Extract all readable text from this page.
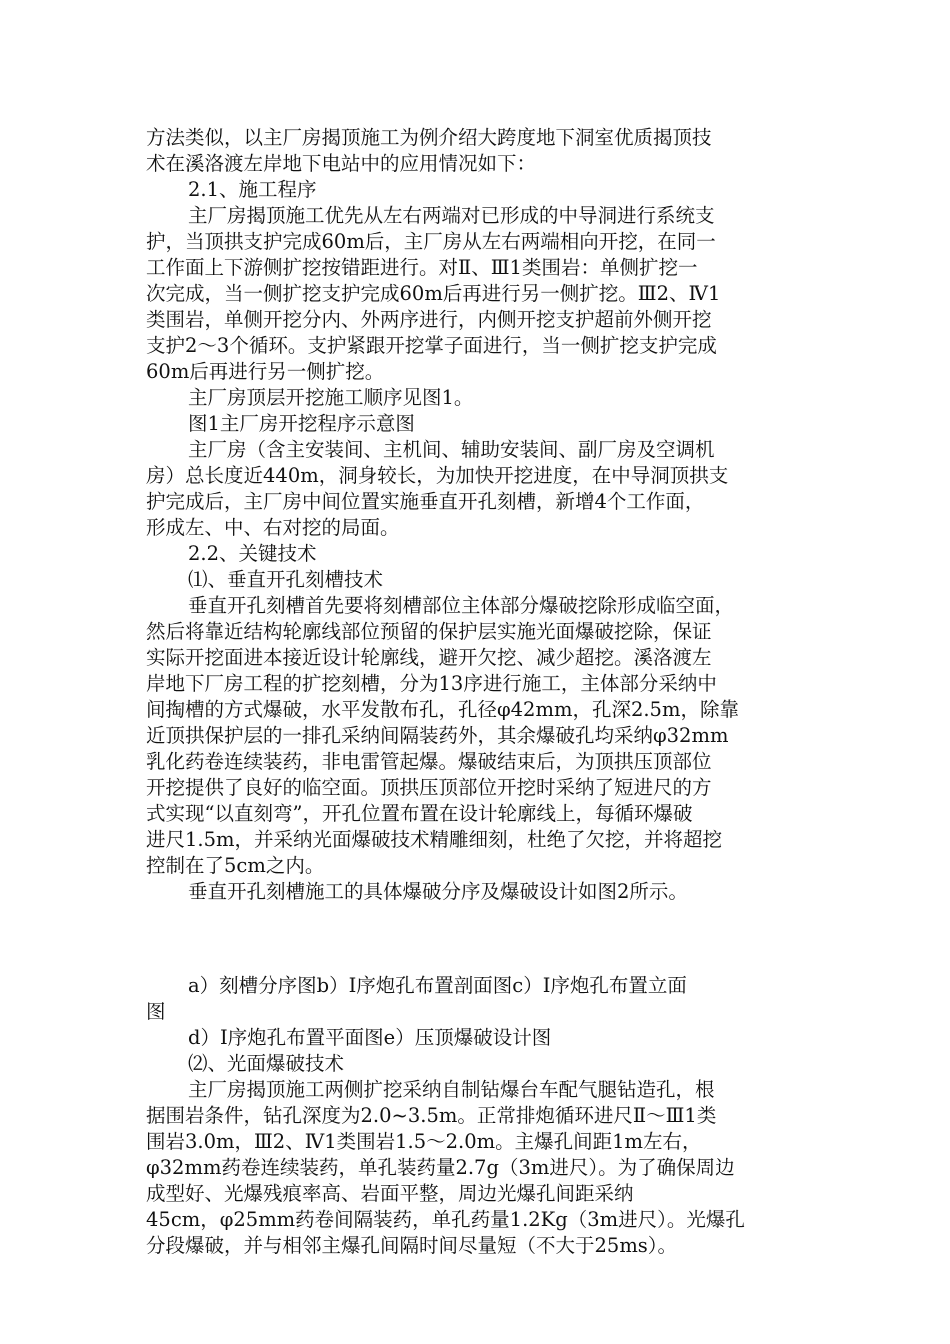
方法类似，以主厂房揭顶施工为例介绍大跨度地下洞室优质揭顶技
术在溪洛渡左岸地下电站中的应用情况如下：
2.1、施工程序
主厂房揭顶施工优先从左右两端对已形成的中导洞进行系统支
护，当顶拱支护完成60m后，主厂房从左右两端相向开挖，在同一
工作面上下游侧扩挖按错距进行。对Ⅱ、Ⅲ1类围岩：单侧扩挖一
次完成，当一侧扩挖支护完成60m后再进行另一侧扩挖。Ⅲ2、Ⅳ1
类围岩，单侧开挖分内、外两序进行，内侧开挖支护超前外侧开挖
支护2～3个循环。支护紧跟开挖掌子面进行，当一侧扩挖支护完成
60m后再进行另一侧扩挖。
主厂房顶层开挖施工顺序见图1。
图1主厂房开挖程序示意图
主厂房（含主安装间、主机间、辅助安装间、副厂房及空调机
房）总长度近440m，洞身较长，为加快开挖进度，在中导洞顶拱支
护完成后，主厂房中间位置实施垂直开孔刻槽，新增4个工作面，
形成左、中、右对挖的局面。
2.2、关键技术
⑴、垂直开孔刻槽技术
垂直开孔刻槽首先要将刻槽部位主体部分爆破挖除形成临空面，
然后将靠近结构轮廓线部位预留的保护层实施光面爆破挖除，保证
实际开挖面进本接近设计轮廓线，避开欠挖、减少超挖。溪洛渡左
岸地下厂房工程的扩挖刻槽，分为13序进行施工，主体部分采纳中
间掏槽的方式爆破，水平发散布孔，孔径φ42mm，孔深2.5m，除靠
近顶拱保护层的一排孔采纳间隔装药外，其余爆破孔均采纳φ32mm
乳化药卷连续装药，非电雷管起爆。爆破结束后，为顶拱压顶部位
开挖提供了良好的临空面。顶拱压顶部位开挖时采纳了短进尺的方
式实现“以直刻弯”，开孔位置布置在设计轮廓线上，每循环爆破
进尺1.5m，并采纳光面爆破技术精雕细刻，杜绝了欠挖，并将超挖
控制在了5cm之内。
垂直开孔刻槽施工的具体爆破分序及爆破设计如图2所示。
a）刻槽分序图b）I序炮孔布置剖面图c）I序炮孔布置立面
图
d）I序炮孔布置平面图e）压顶爆破设计图
⑵、光面爆破技术
主厂房揭顶施工两侧扩挖采纳自制钻爆台车配气腿钻造孔，根
据围岩条件，钻孔深度为2.0~3.5m。正常排炮循环进尺Ⅱ～Ⅲ1类
围岩3.0m，Ⅲ2、Ⅳ1类围岩1.5～2.0m。主爆孔间距1m左右，
φ32mm药卷连续装药，单孔装药量2.7g（3m进尺）。为了确保周边
成型好、光爆残痕率高、岩面平整，周边光爆孔间距采纳
45cm，φ25mm药卷间隔装药，单孔药量1.2Kg（3m进尺）。光爆孔
分段爆破，并与相邻主爆孔间隔时间尽量短（不大于25ms）。
